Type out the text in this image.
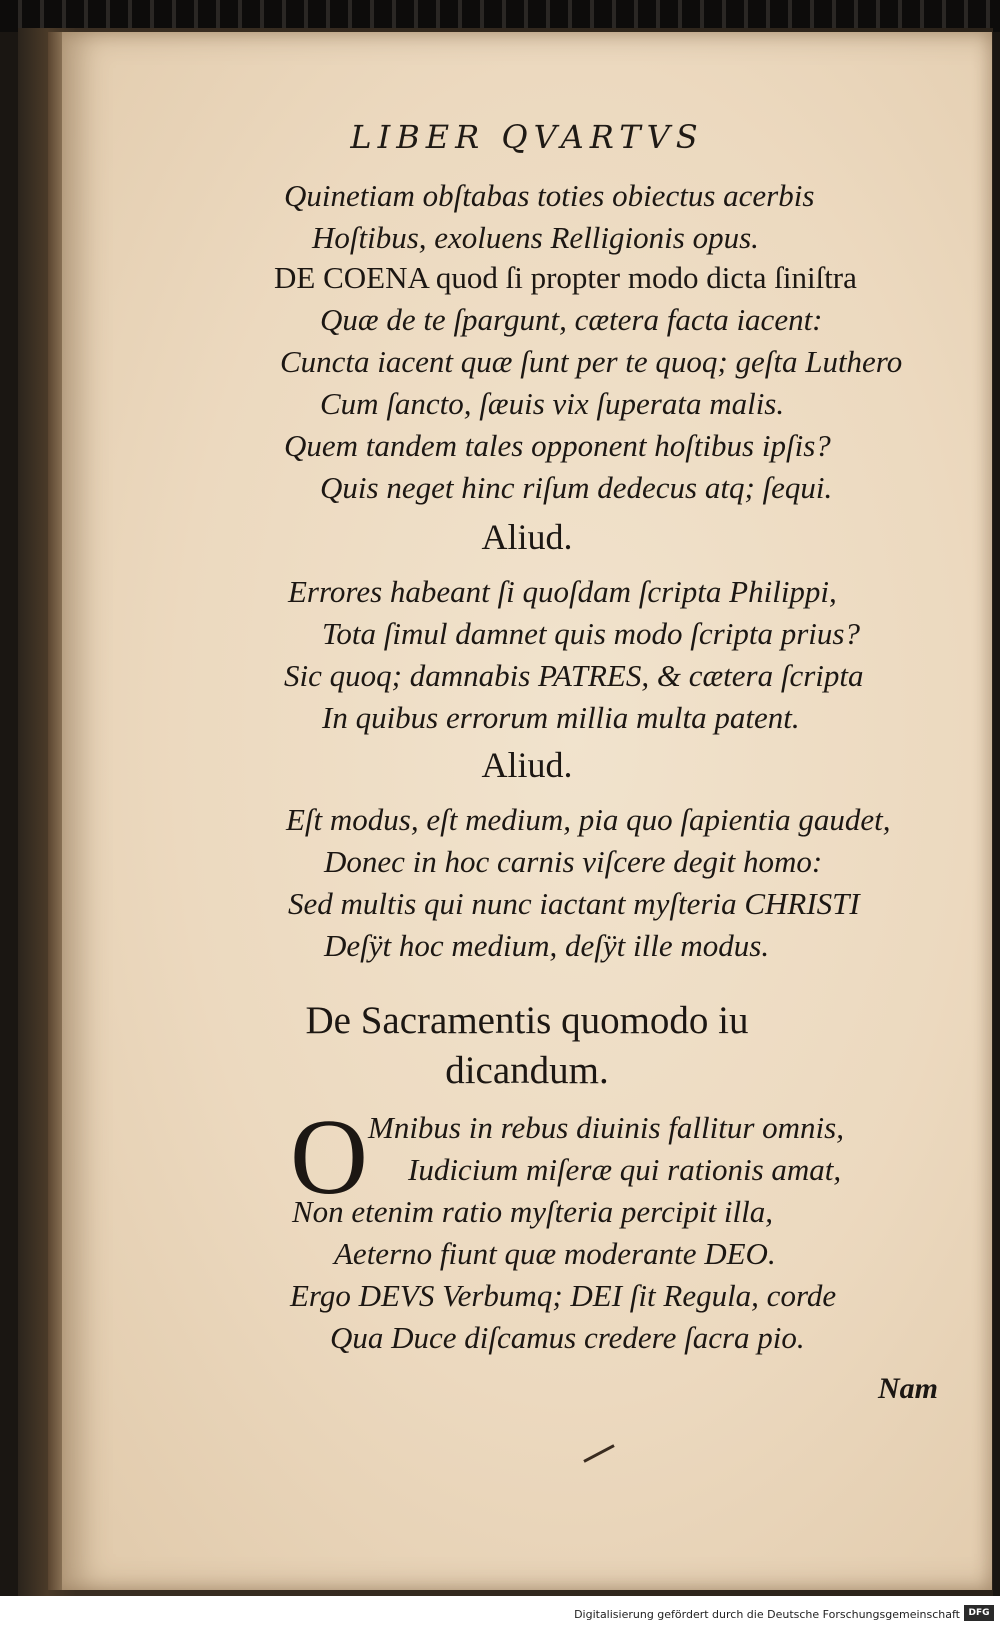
LIBER QVARTVS
Quinetiam obſtabas toties obiectus acerbis
Hoſtibus, exoluens Relligionis opus.
DE COENA quod ſi propter modo dicta ſiniſtra
Quæ de te ſpargunt, cætera facta iacent:
Cuncta iacent quæ ſunt per te quoq; geſta Luthero
Cum ſancto, ſæuis vix ſuperata malis.
Quem tandem tales opponent hoſtibus ipſis?
Quis neget hinc riſum dedecus atq; ſequi.
Aliud.
Errores habeant ſi quoſdam ſcripta Philippi,
Tota ſimul damnet quis modo ſcripta prius?
Sic quoq; damnabis PATRES, & cætera ſcripta
In quibus errorum millia multa patent.
Aliud.
Eſt modus, eſt medium, pia quo ſapientia gaudet,
Donec in hoc carnis viſcere degit homo:
Sed multis qui nunc iactant myſteria CHRISTI
Deſÿt hoc medium, deſÿt ille modus.
De Sacramentis quomodo iu
dicandum.
O Mnibus in rebus diuinis fallitur omnis,
Iudicium miſeræ qui rationis amat,
Non etenim ratio myſteria percipit illa,
Aeterno fiunt quæ moderante DEO.
Ergo DEVS Verbumq; DEI ſit Regula, corde
Qua Duce diſcamus credere ſacra pio.
Nam
Digitalisierung gefördert durch die Deutsche Forschungsgemeinschaft DFG
